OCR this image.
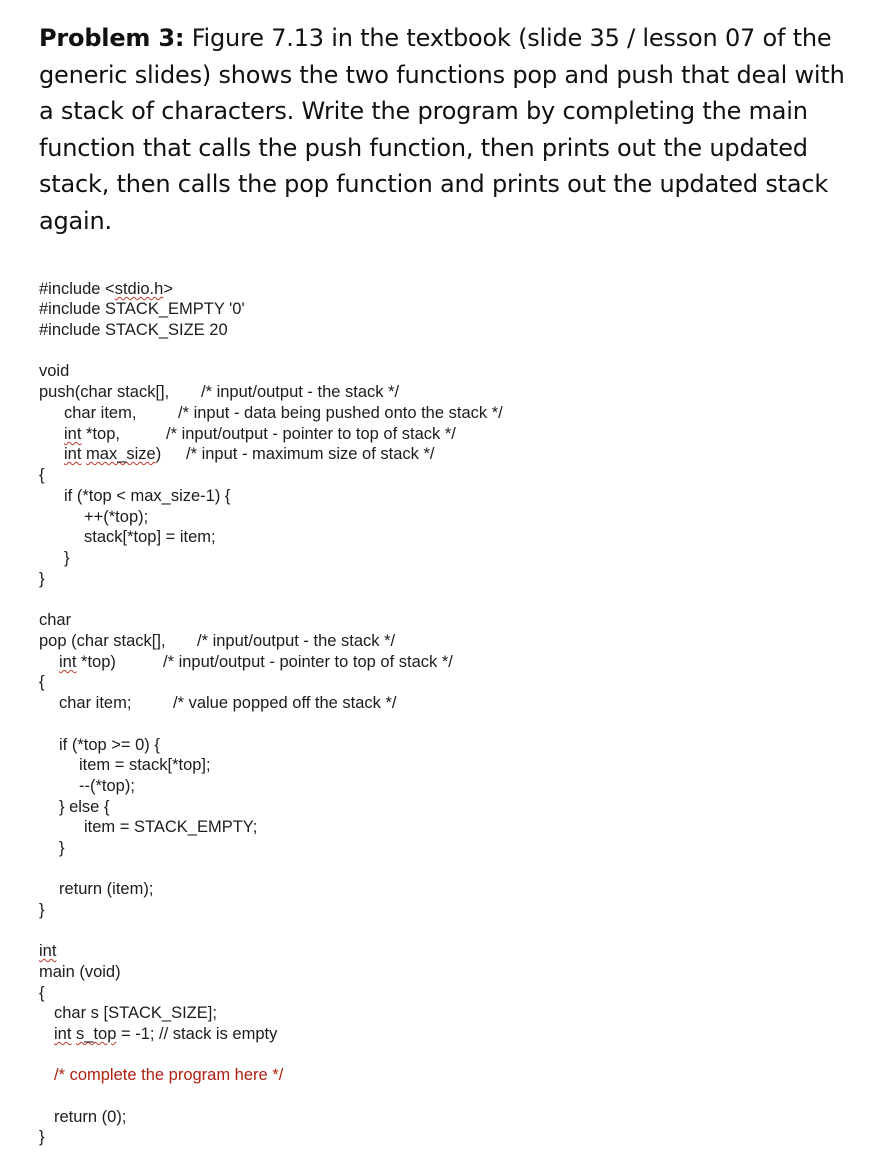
Problem 3: Figure 7.13 in the textbook (slide 35 / lesson 07 of the generic slides) shows the two functions pop and push that deal with a stack of characters. Write the program by completing the main function that calls the push function, then prints out the updated stack, then calls the pop function and prints out the updated stack again.

#include <stdio.h>
#include STACK_EMPTY '0'
#include STACK_SIZE 20
void
push(char stack[], /* input/output - the stack */
char item,	/* input - data being pushed onto the stack */
int *top,	/* input/output - pointer to top of stack */
int max_size) /* input - maximum size of stack */
{
if (*top < max_size-1) {
++(*top);
stack[*top] = item;
}
}
char
pop (char stack[], /* input/output - the stack */
int *top)	/* input/output - pointer to top of stack */
{
char item;	/* value popped off the stack */
if (*top >= 0) {
item = stack[*top];
--(*top);
} else {
item = STACK_EMPTY;
}
return (item);
}
int
main (void)
{
char s [STACK_SIZE];
int s_top = -1; // stack is empty
/* complete the program here */
return (0);
}
